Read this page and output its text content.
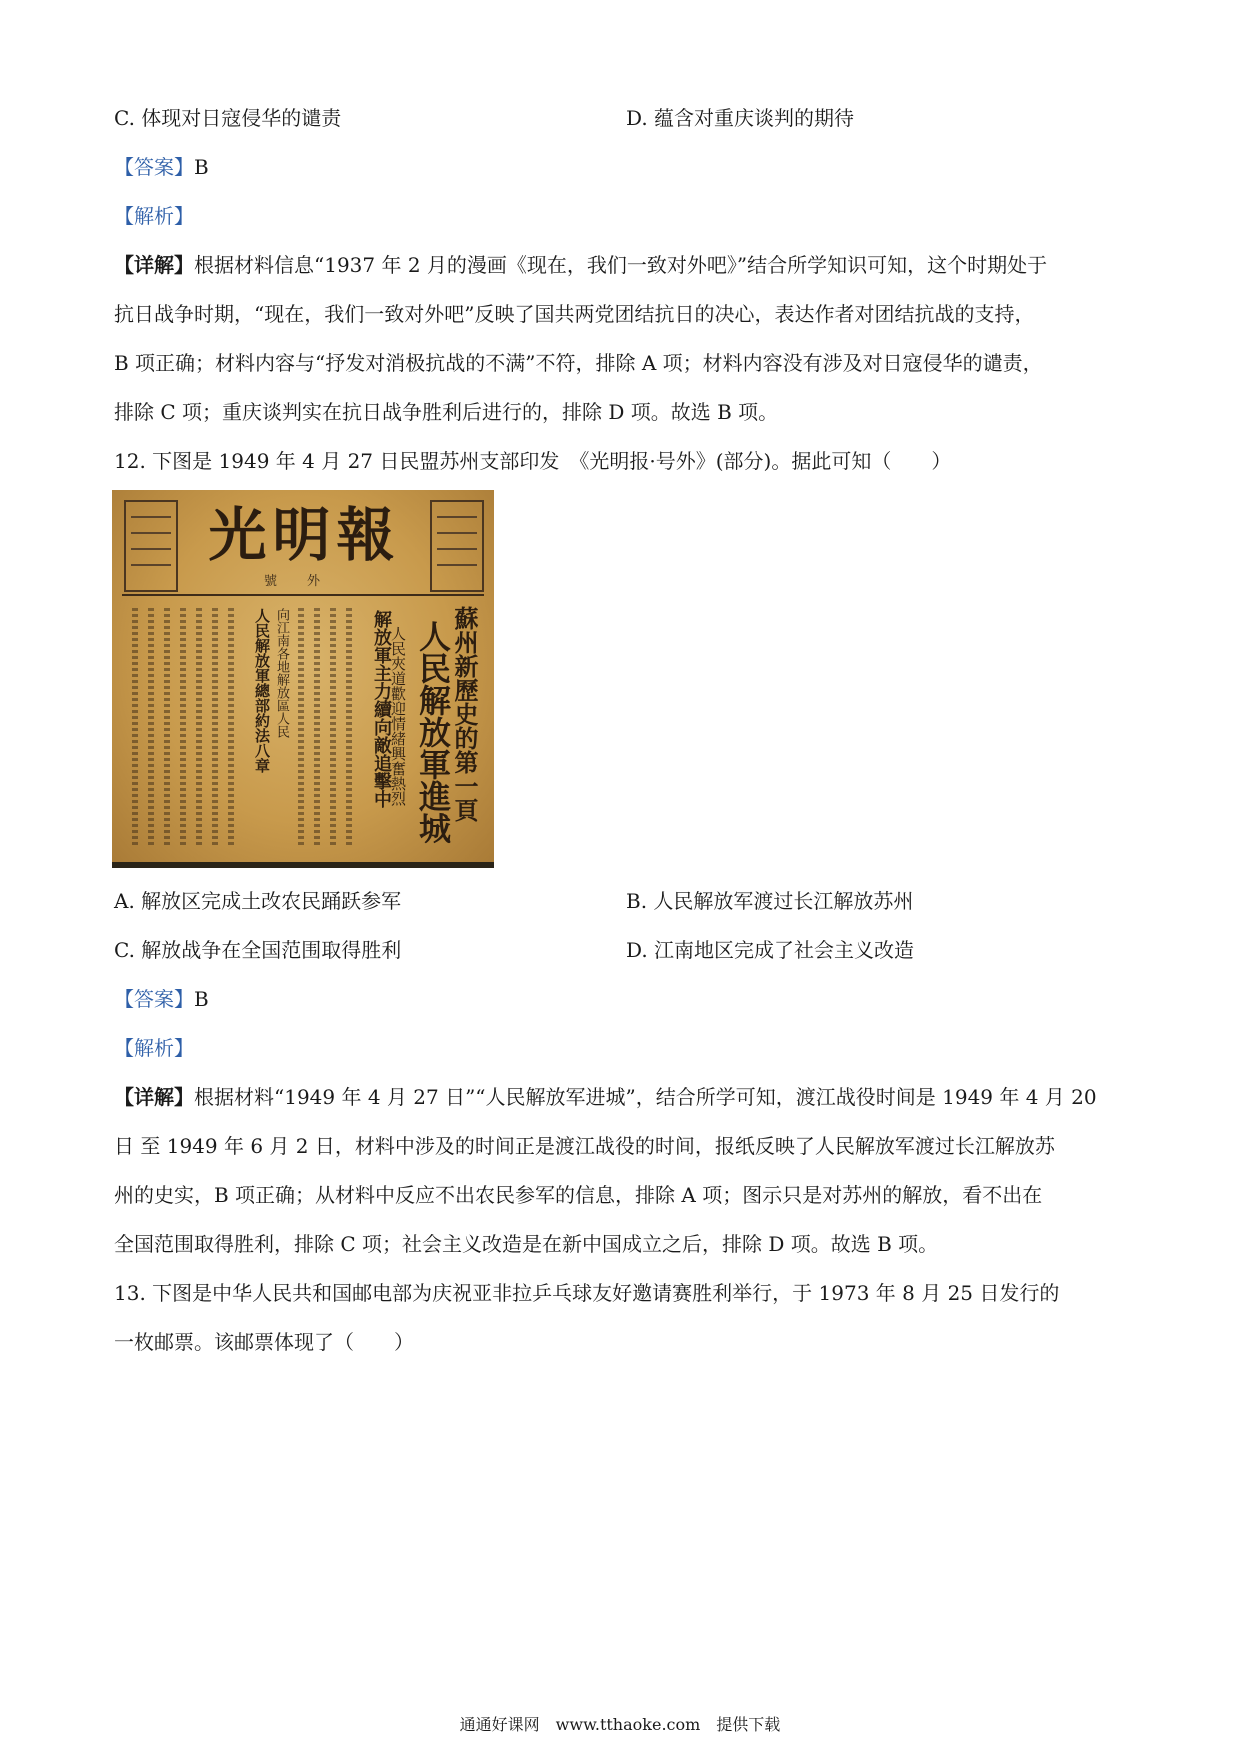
C. 体现对日寇侵华的谴责	D. 蕴含对重庆谈判的期待
【答案】B
【解析】
【详解】根据材料信息“1937 年 2 月的漫画《现在，我们一致对外吧》”结合所学知识可知，这个时期处于
抗日战争时期，“现在，我们一致对外吧”反映了国共两党团结抗日的决心，表达作者对团结抗战的支持，
B 项正确；材料内容与“抒发对消极抗战的不满”不符，排除 A 项；材料内容没有涉及对日寇侵华的谴责，
排除 C 项；重庆谈判实在抗日战争胜利后进行的，排除 D 项。故选 B 项。
12. 下图是 1949 年 4 月 27 日民盟苏州支部印发　《光明报·号外》(部分)。据此可知（　　）
光明報
號外
蘇州新歷史的第一頁
人民解放軍進城
人民夾道歡迎情緒興奮熱烈
解放軍主力續向敵追擊中
向江南各地解放區人民
人民解放軍總部約法八章
A. 解放区完成土改农民踊跃参军	B. 人民解放军渡过长江解放苏州
C. 解放战争在全国范围取得胜利	D. 江南地区完成了社会主义改造
【答案】B
【解析】
【详解】根据材料“1949 年 4 月 27 日”“人民解放军进城”，结合所学可知，渡江战役时间是 1949 年 4 月 20
日 至 1949 年 6 月 2 日，材料中涉及的时间正是渡江战役的时间，报纸反映了人民解放军渡过长江解放苏
州的史实，B 项正确；从材料中反应不出农民参军的信息，排除 A 项；图示只是对苏州的解放，看不出在
全国范围取得胜利，排除 C 项；社会主义改造是在新中国成立之后，排除 D 项。故选 B 项。
13. 下图是中华人民共和国邮电部为庆祝亚非拉乒乓球友好邀请赛胜利举行，于 1973 年 8 月 25 日发行的
一枚邮票。该邮票体现了（　　）
通通好课网　www.tthaoke.com　提供下载
